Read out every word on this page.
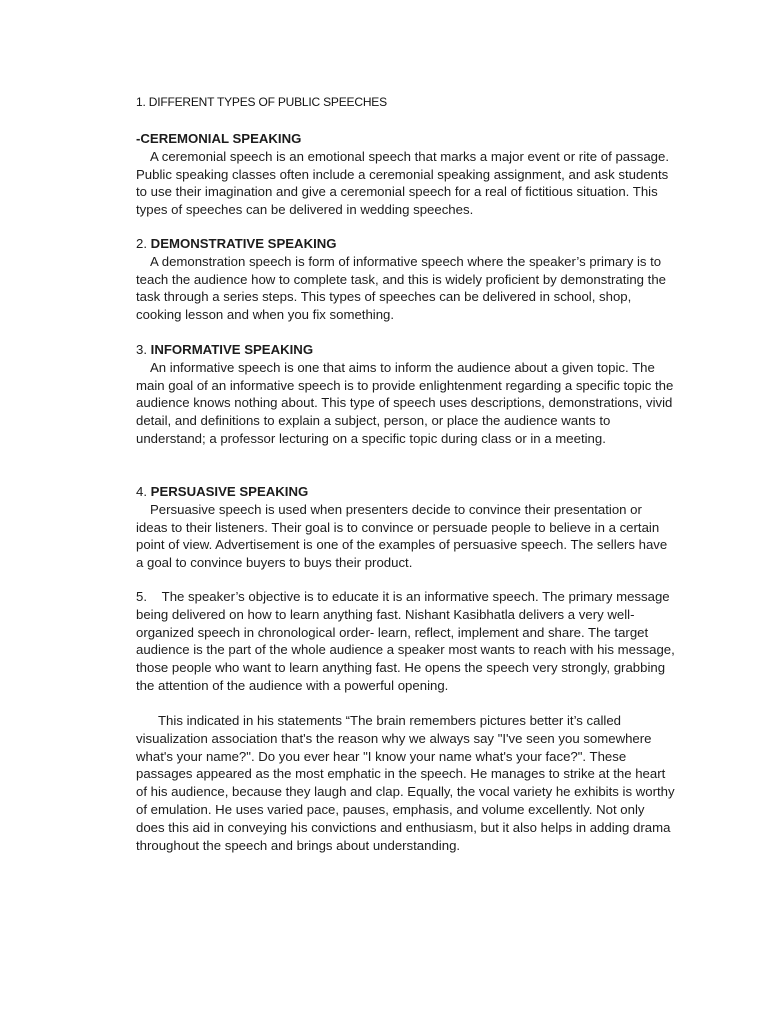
1. DIFFERENT TYPES OF PUBLIC SPEECHES

-CEREMONIAL SPEAKING

A ceremonial speech is an emotional speech that marks a major event or rite of passage. Public speaking classes often include a ceremonial speaking assignment, and ask students to use their imagination and give a ceremonial speech for a real of fictitious situation. This types of speeches can be delivered in wedding speeches.

2. DEMONSTRATIVE SPEAKING

A demonstration speech is form of informative speech where the speaker’s primary is to teach the audience how to complete task, and this is widely proficient by demonstrating the task through a series steps. This types of speeches can be delivered in school, shop, cooking lesson and when you fix something.

3. INFORMATIVE SPEAKING

An informative speech is one that aims to inform the audience about a given topic. The main goal of an informative speech is to provide enlightenment regarding a specific topic the audience knows nothing about. This type of speech uses descriptions, demonstrations, vivid detail, and definitions to explain a subject, person, or place the audience wants to understand; a professor lecturing on a specific topic during class or in a meeting.

4. PERSUASIVE SPEAKING

Persuasive speech is used when presenters decide to convince their presentation or ideas to their listeners. Their goal is to convince or persuade people to believe in a certain point of view. Advertisement is one of the examples of persuasive speech. The sellers have a goal to convince buyers to buys their product.

5. The speaker’s objective is to educate it is an informative speech. The primary message being delivered on how to learn anything fast. Nishant Kasibhatla delivers a very well-organized speech in chronological order- learn, reflect, implement and share. The target audience is the part of the whole audience a speaker most wants to reach with his message, those people who want to learn anything fast. He opens the speech very strongly, grabbing the attention of the audience with a powerful opening.

This indicated in his statements “The brain remembers pictures better it’s called visualization association that's the reason why we always say "I've seen you somewhere what's your name?". Do you ever hear "I know your name what's your face?". These passages appeared as the most emphatic in the speech. He manages to strike at the heart of his audience, because they laugh and clap. Equally, the vocal variety he exhibits is worthy of emulation. He uses varied pace, pauses, emphasis, and volume excellently. Not only does this aid in conveying his convictions and enthusiasm, but it also helps in adding drama throughout the speech and brings about understanding.
